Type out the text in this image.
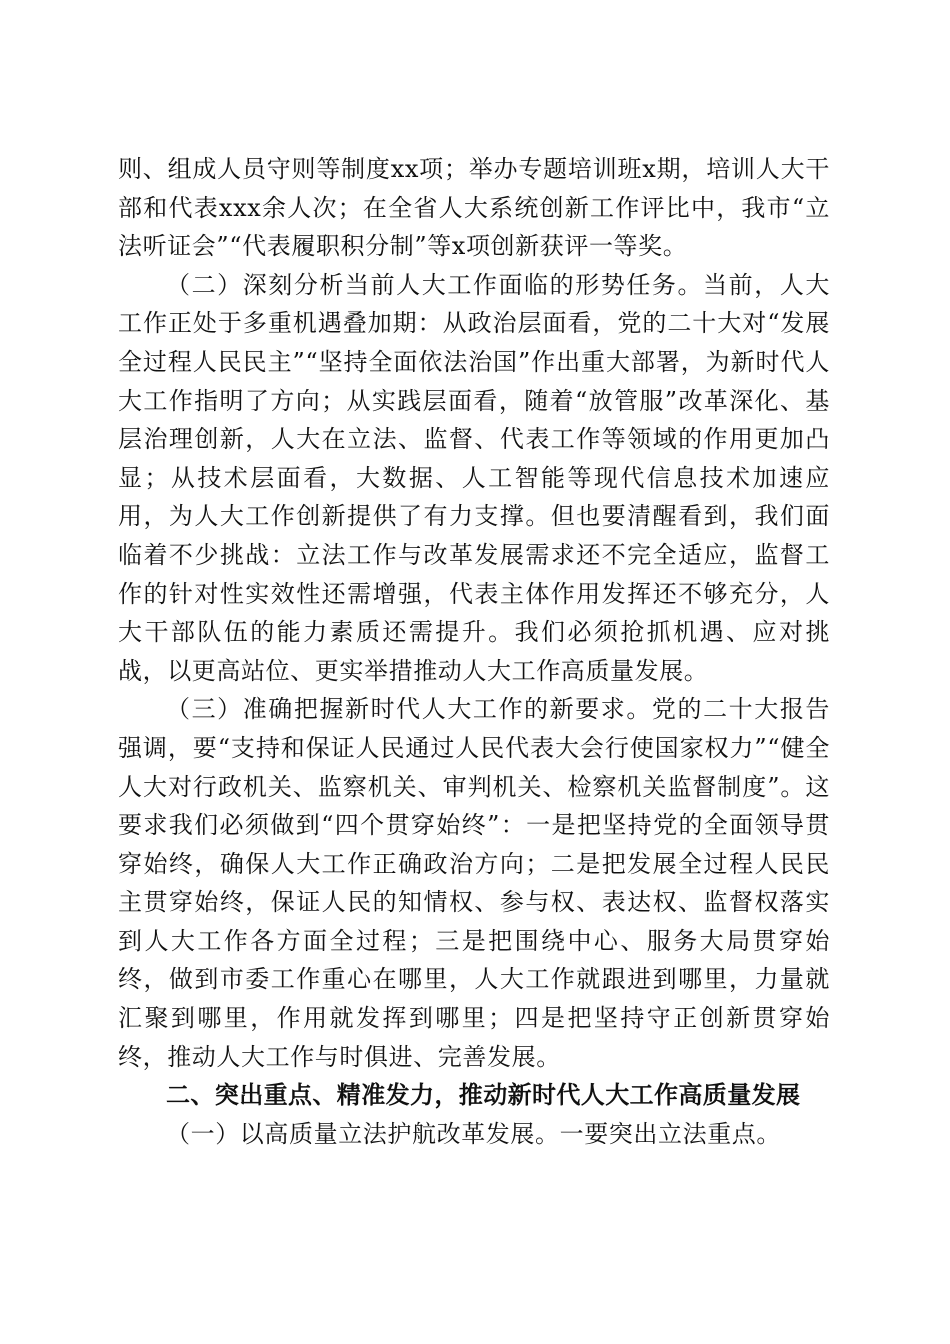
则、组成人员守则等制度xx项；举办专题培训班x期，培训人大干部和代表xxx余人次；在全省人大系统创新工作评比中，我市“立法听证会”“代表履职积分制”等x项创新获评一等奖。

（二）深刻分析当前人大工作面临的形势任务。当前，人大工作正处于多重机遇叠加期：从政治层面看，党的二十大对“发展全过程人民民主”“坚持全面依法治国”作出重大部署，为新时代人大工作指明了方向；从实践层面看，随着“放管服”改革深化、基层治理创新，人大在立法、监督、代表工作等领域的作用更加凸显；从技术层面看，大数据、人工智能等现代信息技术加速应用，为人大工作创新提供了有力支撑。但也要清醒看到，我们面临着不少挑战：立法工作与改革发展需求还不完全适应，监督工作的针对性实效性还需增强，代表主体作用发挥还不够充分，人大干部队伍的能力素质还需提升。我们必须抢抓机遇、应对挑战，以更高站位、更实举措推动人大工作高质量发展。

（三）准确把握新时代人大工作的新要求。党的二十大报告强调，要“支持和保证人民通过人民代表大会行使国家权力”“健全人大对行政机关、监察机关、审判机关、检察机关监督制度”。这要求我们必须做到“四个贯穿始终”：一是把坚持党的全面领导贯穿始终，确保人大工作正确政治方向；二是把发展全过程人民民主贯穿始终，保证人民的知情权、参与权、表达权、监督权落实到人大工作各方面全过程；三是把围绕中心、服务大局贯穿始终，做到市委工作重心在哪里，人大工作就跟进到哪里，力量就汇聚到哪里，作用就发挥到哪里；四是把坚持守正创新贯穿始终，推动人大工作与时俱进、完善发展。

二、突出重点、精准发力，推动新时代人大工作高质量发展

（一）以高质量立法护航改革发展。一要突出立法重点。
